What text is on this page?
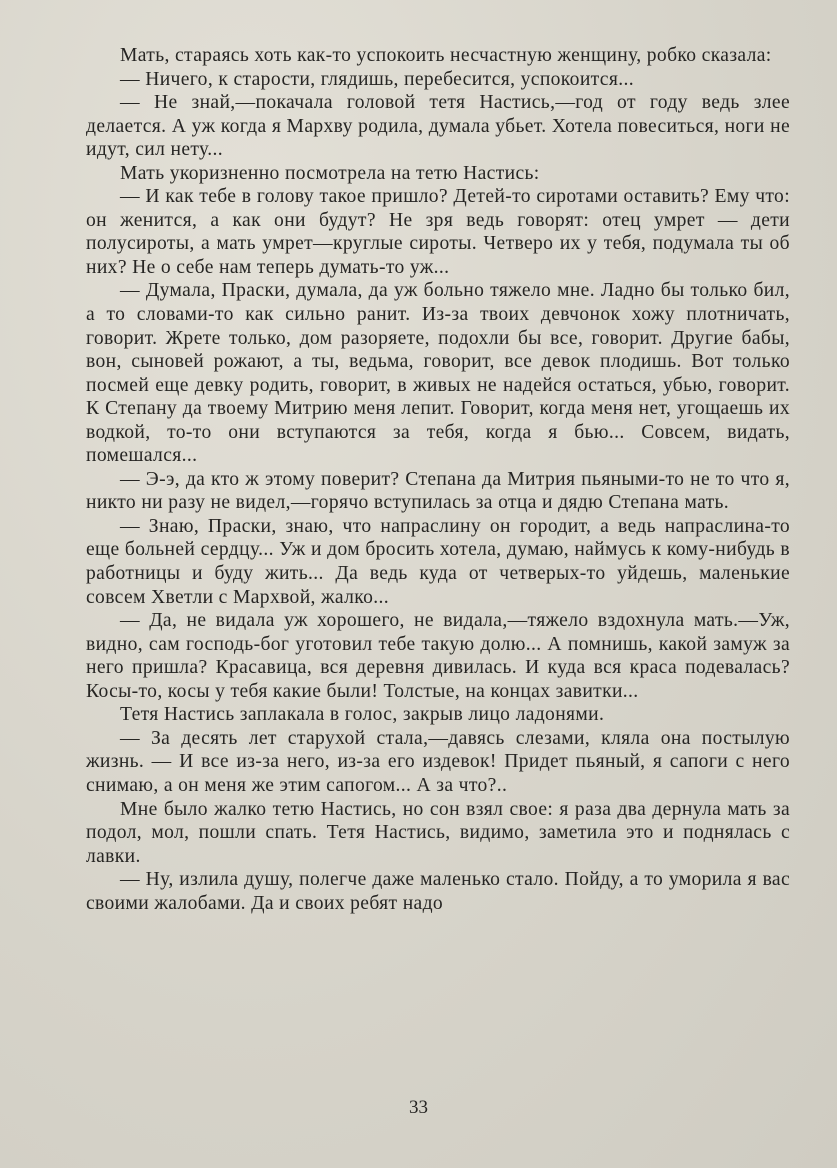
Мать, стараясь хоть как-то успокоить несчастную женщину, робко сказала:

— Ничего, к старости, глядишь, перебесится, успокоится...

— Не знай,—покачала головой тетя Настись,—год от году ведь злее делается. А уж когда я Мархву родила, думала убьет. Хотела повеситься, ноги не идут, сил нету...

Мать укоризненно посмотрела на тетю Настись:

— И как тебе в голову такое пришло? Детей-то сиротами оставить? Ему что: он женится, а как они будут? Не зря ведь говорят: отец умрет — дети полусироты, а мать умрет—круглые сироты. Четверо их у тебя, подумала ты об них? Не о себе нам теперь думать-то уж...

— Думала, Праски, думала, да уж больно тяжело мне. Ладно бы только бил, а то словами-то как сильно ранит. Из-за твоих девчонок хожу плотничать, говорит. Жрете только, дом разоряете, подохли бы все, говорит. Другие бабы, вон, сыновей рожают, а ты, ведьма, говорит, все девок плодишь. Вот только посмей еще девку родить, говорит, в живых не надейся остаться, убью, говорит. К Степану да твоему Митрию меня лепит. Говорит, когда меня нет, угощаешь их водкой, то-то они вступаются за тебя, когда я бью... Совсем, видать, помешался...

— Э-э, да кто ж этому поверит? Степана да Митрия пьяными-то не то что я, никто ни разу не видел,—горячо вступилась за отца и дядю Степана мать.

— Знаю, Праски, знаю, что напраслину он городит, а ведь напраслина-то еще больней сердцу... Уж и дом бросить хотела, думаю, наймусь к кому-нибудь в работницы и буду жить... Да ведь куда от четверых-то уйдешь, маленькие совсем Хветли с Мархвой, жалко...

— Да, не видала уж хорошего, не видала,—тяжело вздохнула мать.—Уж, видно, сам господь-бог уготовил тебе такую долю... А помнишь, какой замуж за него пришла? Красавица, вся деревня дивилась. И куда вся краса подевалась? Косы-то, косы у тебя какие были! Толстые, на концах завитки...

Тетя Настись заплакала в голос, закрыв лицо ладонями.

— За десять лет старухой стала,—давясь слезами, кляла она постылую жизнь. — И все из-за него, из-за его издевок! Придет пьяный, я сапоги с него снимаю, а он меня же этим сапогом... А за что?..

Мне было жалко тетю Настись, но сон взял свое: я раза два дернула мать за подол, мол, пошли спать. Тетя Настись, видимо, заметила это и поднялась с лавки.

— Ну, излила душу, полегче даже маленько стало. Пойду, а то уморила я вас своими жалобами. Да и своих ребят надо

33
